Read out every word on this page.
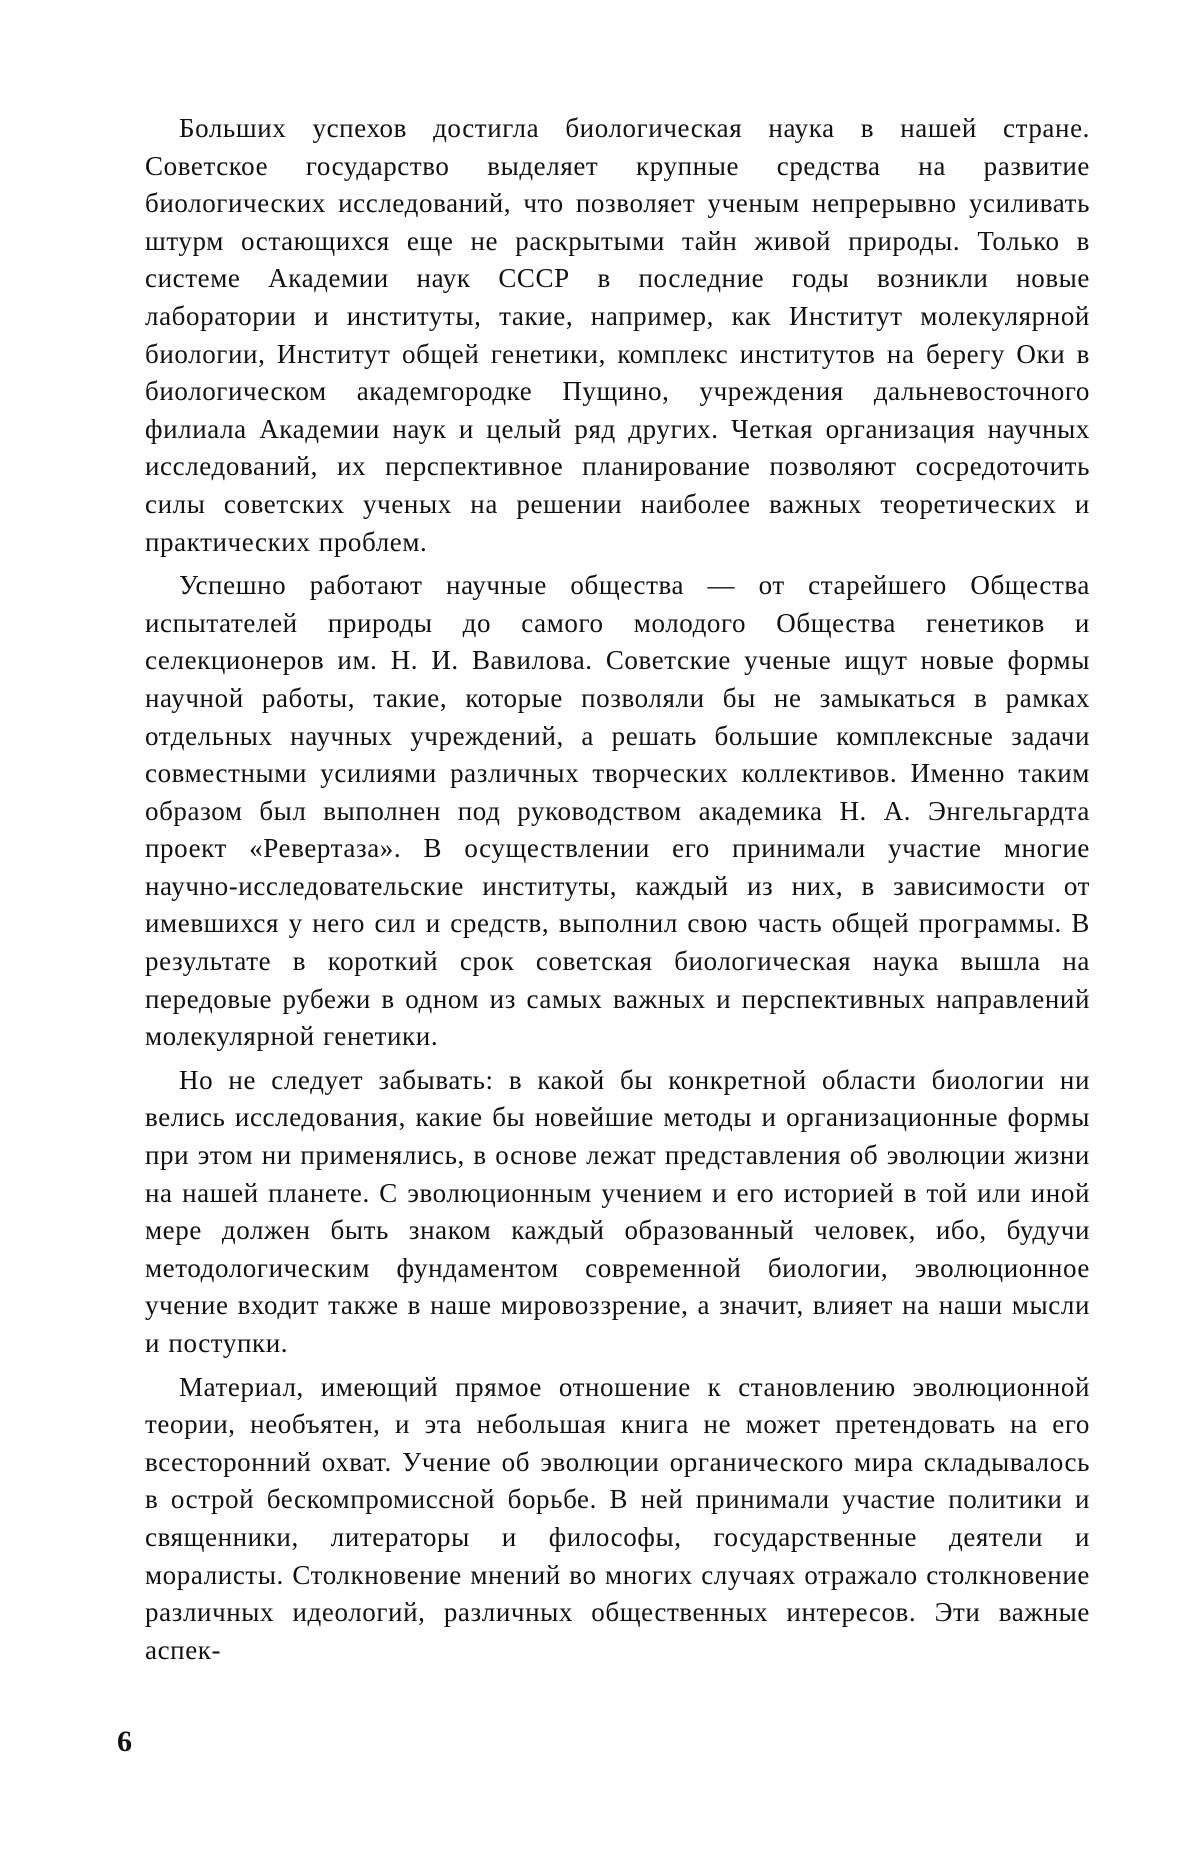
Больших успехов достигла биологическая наука в нашей стране. Советское государство выделяет крупные средства на развитие биологических исследований, что позволяет ученым непрерывно усиливать штурм остающихся еще не раскрытыми тайн живой природы. Только в системе Академии наук СССР в последние годы возникли новые лаборатории и институты, такие, например, как Институт молекулярной биологии, Институт общей генетики, комплекс институтов на берегу Оки в биологическом академгородке Пущино, учреждения дальневосточного филиала Академии наук и целый ряд других. Четкая организация научных исследований, их перспективное планирование позволяют сосредоточить силы советских ученых на решении наиболее важных теоретических и практических проблем.

Успешно работают научные общества — от старейшего Общества испытателей природы до самого молодого Общества генетиков и селекционеров им. Н. И. Вавилова. Советские ученые ищут новые формы научной работы, такие, которые позволяли бы не замыкаться в рамках отдельных научных учреждений, а решать большие комплексные задачи совместными усилиями различных творческих коллективов. Именно таким образом был выполнен под руководством академика Н. А. Энгельгардта проект «Ревертаза». В осуществлении его принимали участие многие научно-исследовательские институты, каждый из них, в зависимости от имевшихся у него сил и средств, выполнил свою часть общей программы. В результате в короткий срок советская биологическая наука вышла на передовые рубежи в одном из самых важных и перспективных направлений молекулярной генетики.

Но не следует забывать: в какой бы конкретной области биологии ни велись исследования, какие бы новейшие методы и организационные формы при этом ни применялись, в основе лежат представления об эволюции жизни на нашей планете. С эволюционным учением и его историей в той или иной мере должен быть знаком каждый образованный человек, ибо, будучи методологическим фундаментом современной биологии, эволюционное учение входит также в наше мировоззрение, а значит, влияет на наши мысли и поступки.

Материал, имеющий прямое отношение к становлению эволюционной теории, необъятен, и эта небольшая книга не может претендовать на его всесторонний охват. Учение об эволюции органического мира складывалось в острой бескомпромиссной борьбе. В ней принимали участие политики и священники, литераторы и философы, государственные деятели и моралисты. Столкновение мнений во многих случаях отражало столкновение различных идеологий, различных общественных интересов. Эти важные аспек-

6
